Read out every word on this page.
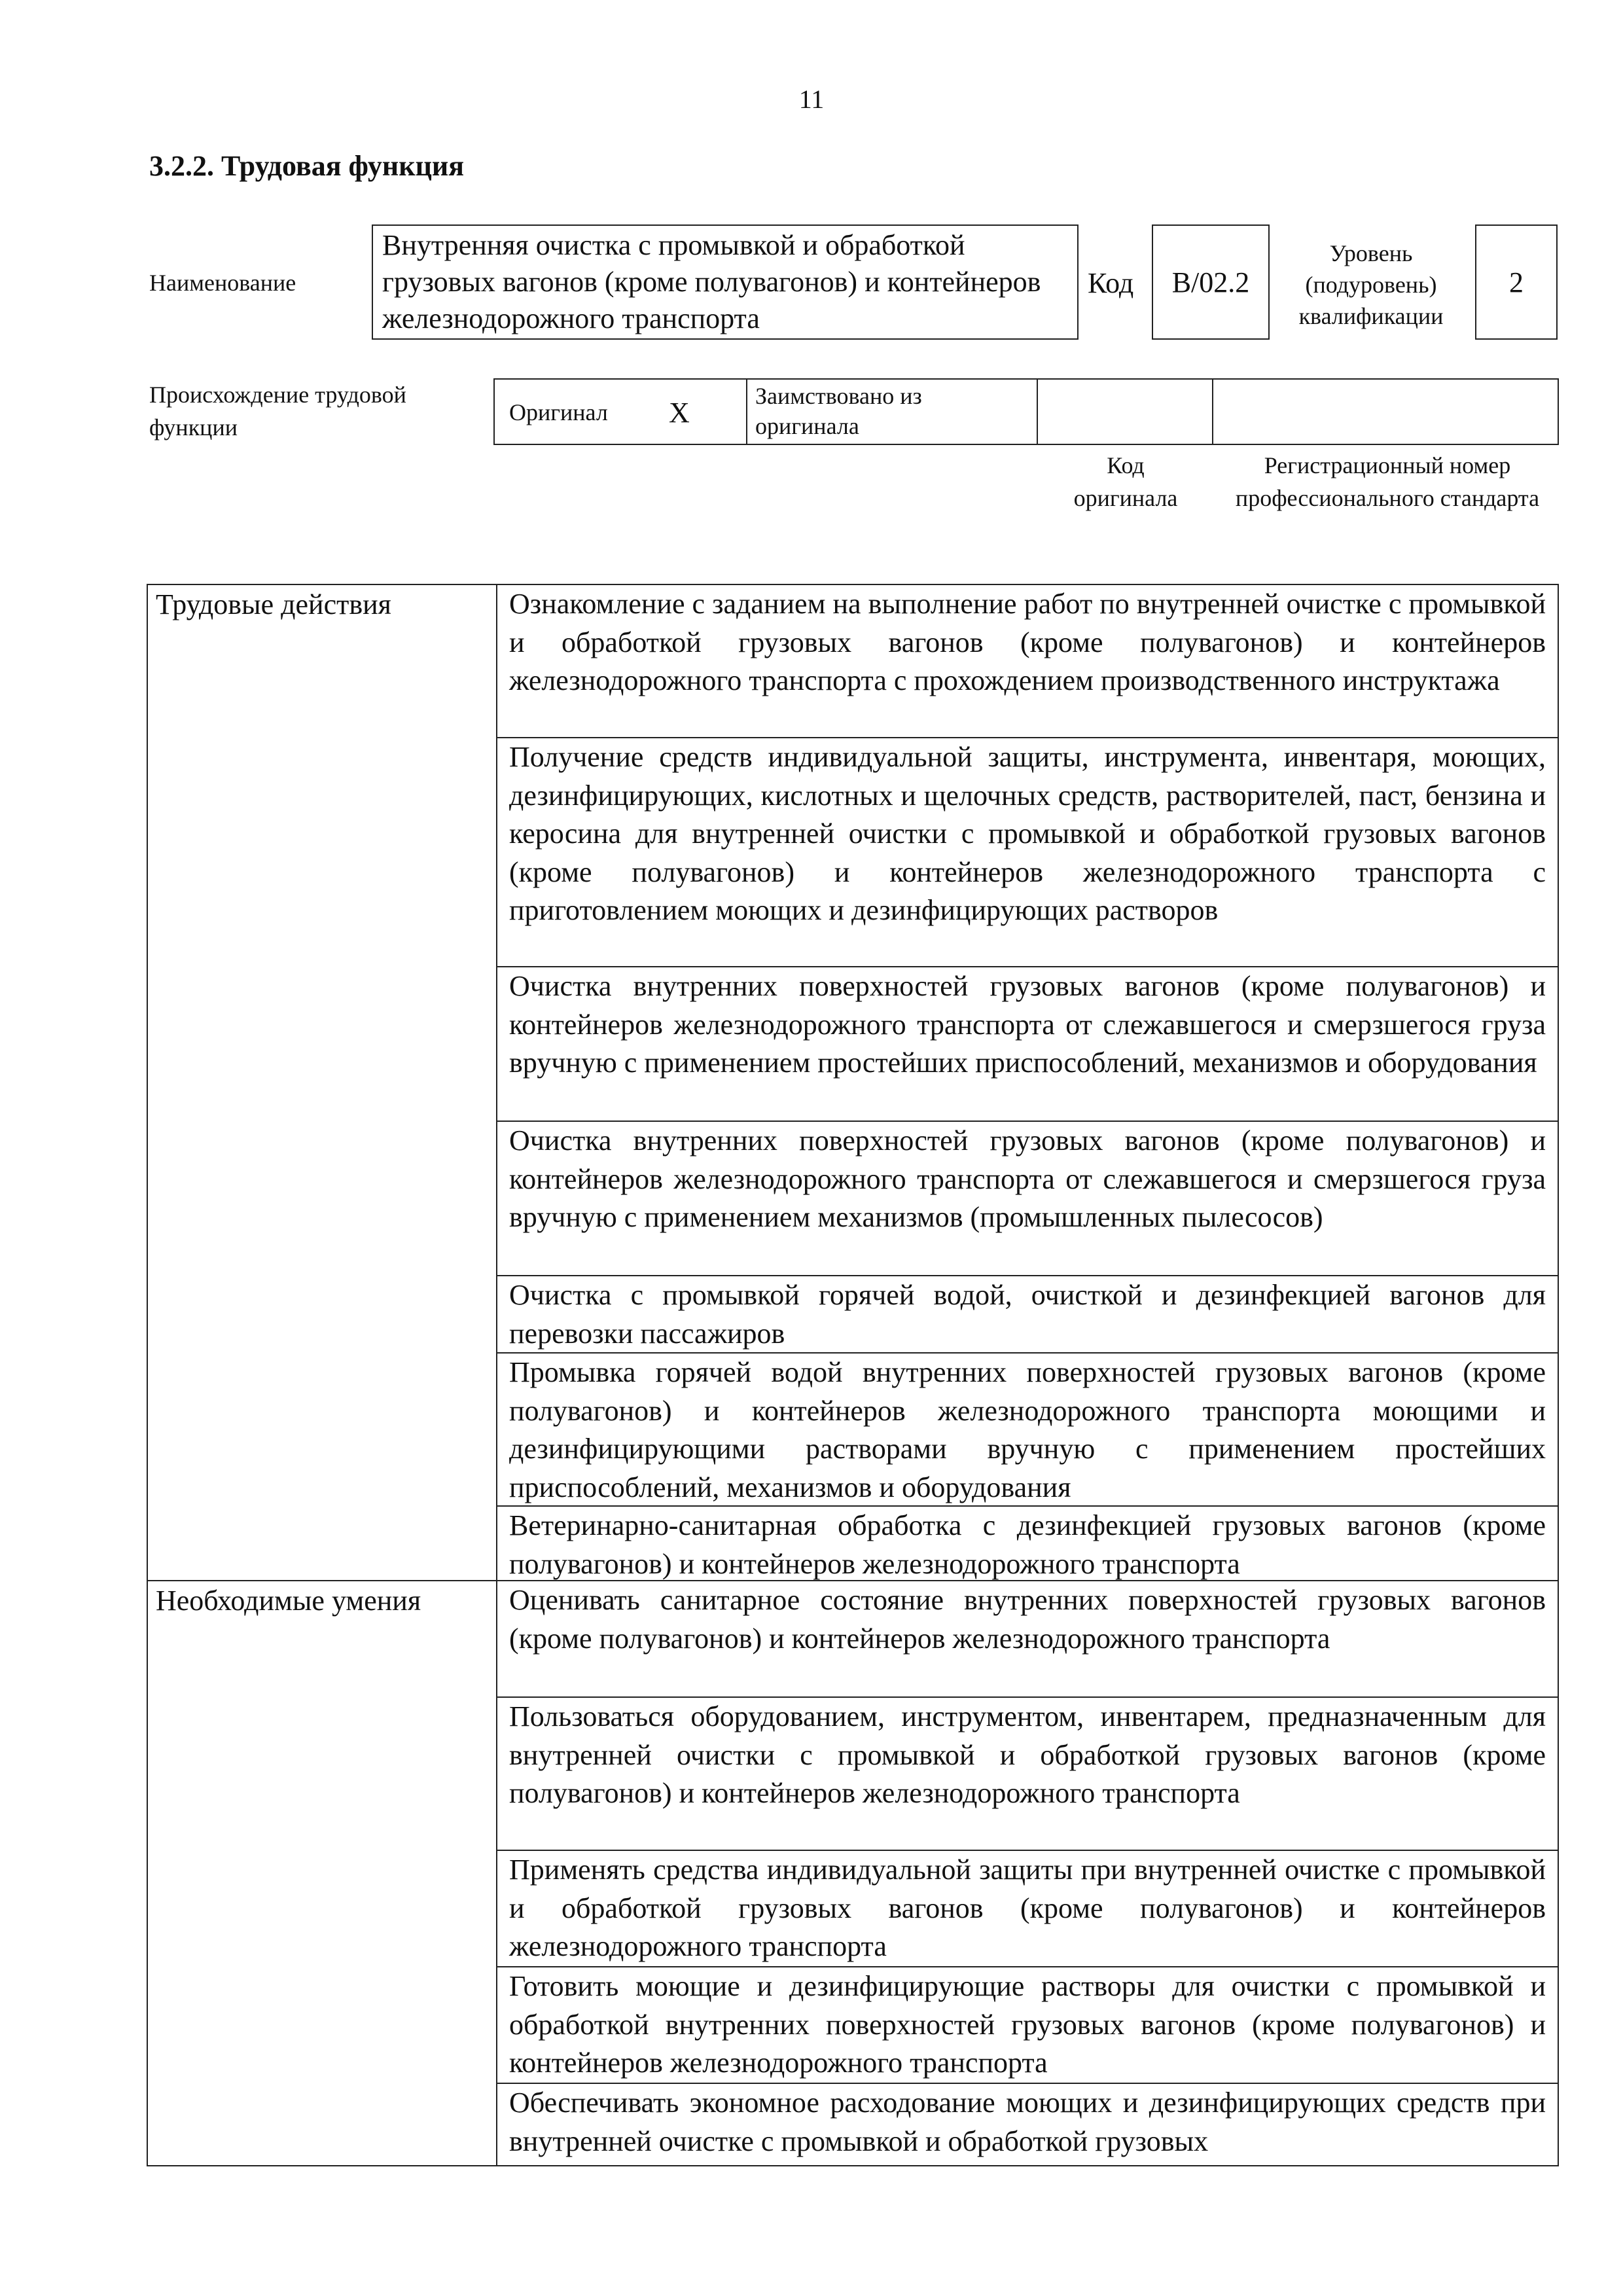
11
3.2.2. Трудовая функция
Наименование
Внутренняя очистка с промывкой и обработкой грузовых вагонов (кроме полувагонов) и контейнеров железнодорожного транспорта
Код B/02.2
Уровень (подуровень) квалификации
2
Происхождение трудовой функции
Оригинал X
Заимствовано из оригинала
Код оригинала
Регистрационный номер профессионального стандарта
Трудовые действия	Ознакомление с заданием на выполнение работ по внутренней очистке с промывкой и обработкой грузовых вагонов (кроме полувагонов) и контейнеров железнодорожного транспорта с прохождением производственного инструктажа
Получение средств индивидуальной защиты, инструмента, инвентаря, моющих, дезинфицирующих, кислотных и щелочных средств, растворителей, паст, бензина и керосина для внутренней очистки с промывкой и обработкой грузовых вагонов (кроме полувагонов) и контейнеров железнодорожного транспорта с приготовлением моющих и дезинфицирующих растворов
Очистка внутренних поверхностей грузовых вагонов (кроме полувагонов) и контейнеров железнодорожного транспорта от слежавшегося и смерзшегося груза вручную с применением простейших приспособлений, механизмов и оборудования
Очистка внутренних поверхностей грузовых вагонов (кроме полувагонов) и контейнеров железнодорожного транспорта от слежавшегося и смерзшегося груза вручную с применением механизмов (промышленных пылесосов)
Очистка с промывкой горячей водой, очисткой и дезинфекцией вагонов для перевозки пассажиров
Промывка горячей водой внутренних поверхностей грузовых вагонов (кроме полувагонов) и контейнеров железнодорожного транспорта моющими и дезинфицирующими растворами вручную с применением простейших приспособлений, механизмов и оборудования
Ветеринарно-санитарная обработка с дезинфекцией грузовых вагонов (кроме полувагонов) и контейнеров железнодорожного транспорта
Необходимые умения	Оценивать санитарное состояние внутренних поверхностей грузовых вагонов (кроме полувагонов) и контейнеров железнодорожного транспорта
Пользоваться оборудованием, инструментом, инвентарем, предназначенным для внутренней очистки с промывкой и обработкой грузовых вагонов (кроме полувагонов) и контейнеров железнодорожного транспорта
Применять средства индивидуальной защиты при внутренней очистке с промывкой и обработкой грузовых вагонов (кроме полувагонов) и контейнеров железнодорожного транспорта
Готовить моющие и дезинфицирующие растворы для очистки с промывкой и обработкой внутренних поверхностей грузовых вагонов (кроме полувагонов) и контейнеров железнодорожного транспорта
Обеспечивать экономное расходование моющих и дезинфицирующих средств при внутренней очистке с промывкой и обработкой грузовых
